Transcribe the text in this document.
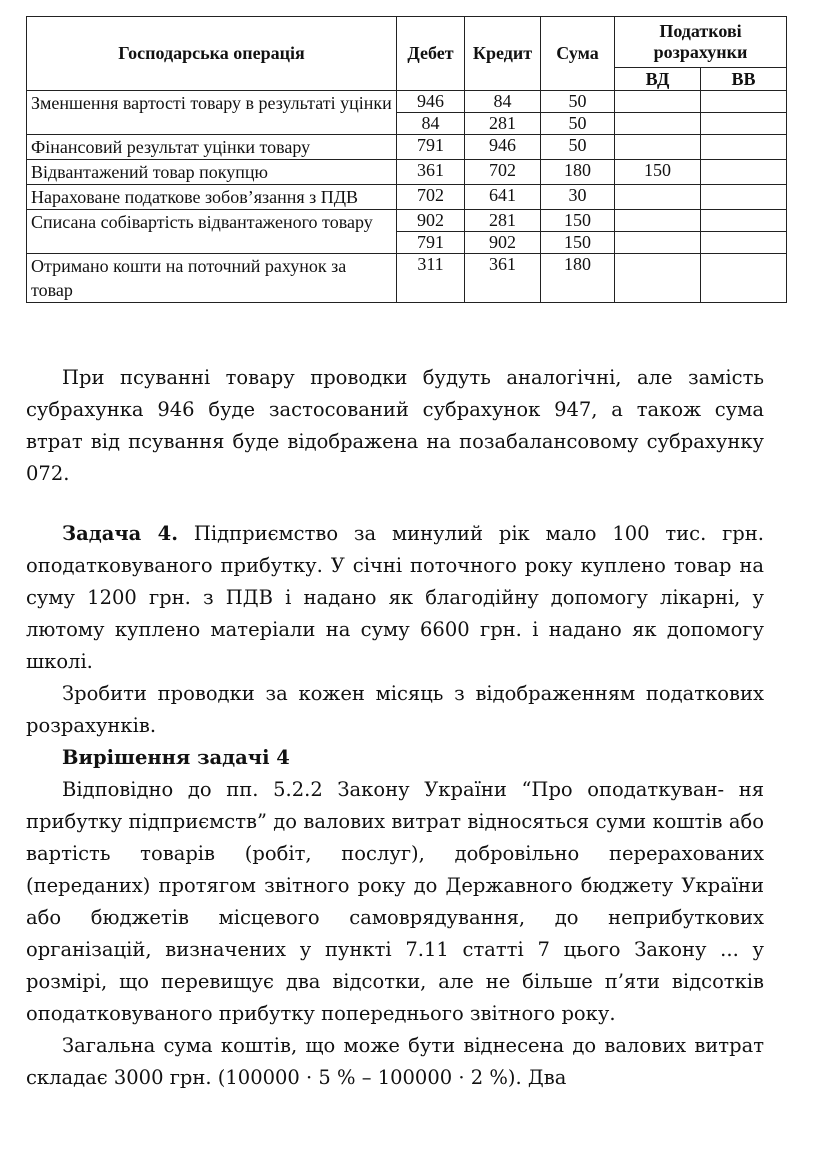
Господарська операція	Дебет	Кредит	Сума	Податкові розрахунки	
				ВД	ВВ
Зменшення вартості товару в результаті уцінки	946	84	50		
	84	281	50		
Фінансовий результат уцінки товару	791	946	50		
Відвантажений товар покупцю	361	702	180	150	
Нараховане податкове зобов’язання з ПДВ	702	641	30		
Списана собівартість відвантаженого товару	902	281	150		
	791	902	150		
Отримано кошти на поточний рахунок за товар	311	361	180		

При псуванні товару проводки будуть аналогічні, але замість субрахунка 946 буде застосований субрахунок 947, а також сума втрат від псування буде відображена на позабалансовому субрахунку 072.

Задача 4. Підприємство за минулий рік мало 100 тис. грн. оподатковуваного прибутку. У січні поточного року куплено товар на суму 1200 грн. з ПДВ і надано як благодійну допомогу лікарні, у лютому куплено матеріали на суму 6600 грн. і надано як допомогу школі.

Зробити проводки за кожен місяць з відображенням податкових розрахунків.

Вирішення задачі 4

Відповідно до пп. 5.2.2 Закону України “Про оподаткуван- ня прибутку підприємств” до валових витрат відносяться суми коштів або вартість товарів (робіт, послуг), добровільно перерахованих (переданих) протягом звітного року до Державного бюджету України або бюджетів місцевого самоврядування, до неприбуткових організацій, визначених у пункті 7.11 статті 7 цього Закону ... у розмірі, що перевищує два відсотки, але не більше п’яти відсотків оподатковуваного прибутку попереднього звітного року.

Загальна сума коштів, що може бути віднесена до валових витрат складає 3000 грн. (100000 · 5 % – 100000 · 2 %). Два
